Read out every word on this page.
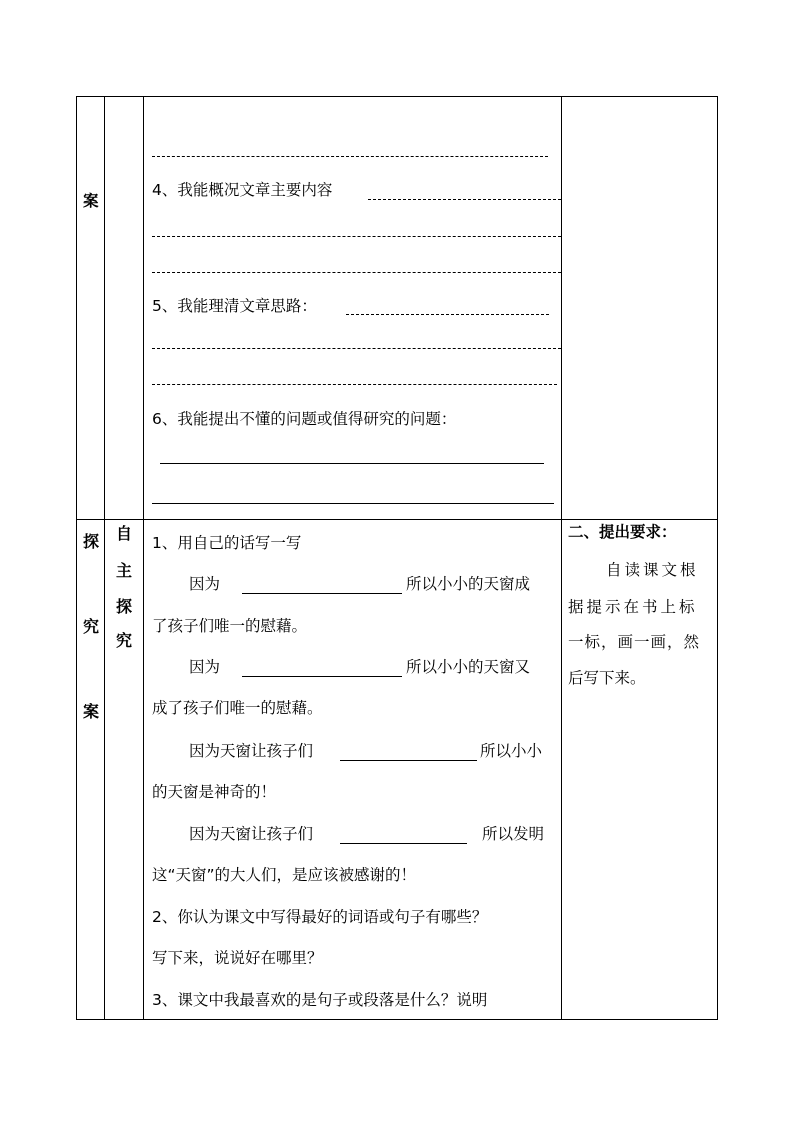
案
4、我能概况文章主要内容
5、我能理清文章思路：
6、我能提出不懂的问题或值得研究的问题：
探
究
案
自
主
探
究
1、用自己的话写一写
因为	所以小小的天窗成
了孩子们唯一的慰藉。
因为	所以小小的天窗又
成了孩子们唯一的慰藉。
因为天窗让孩子们	所以小小
的天窗是神奇的！
因为天窗让孩子们	所以发明
这“天窗”的大人们，是应该被感谢的！
2、你认为课文中写得最好的词语或句子有哪些？
写下来，说说好在哪里？
3、课文中我最喜欢的是句子或段落是什么？说明
二、提出要求：
自读课文根
据提示在书上标
一标，画一画，然
后写下来。
